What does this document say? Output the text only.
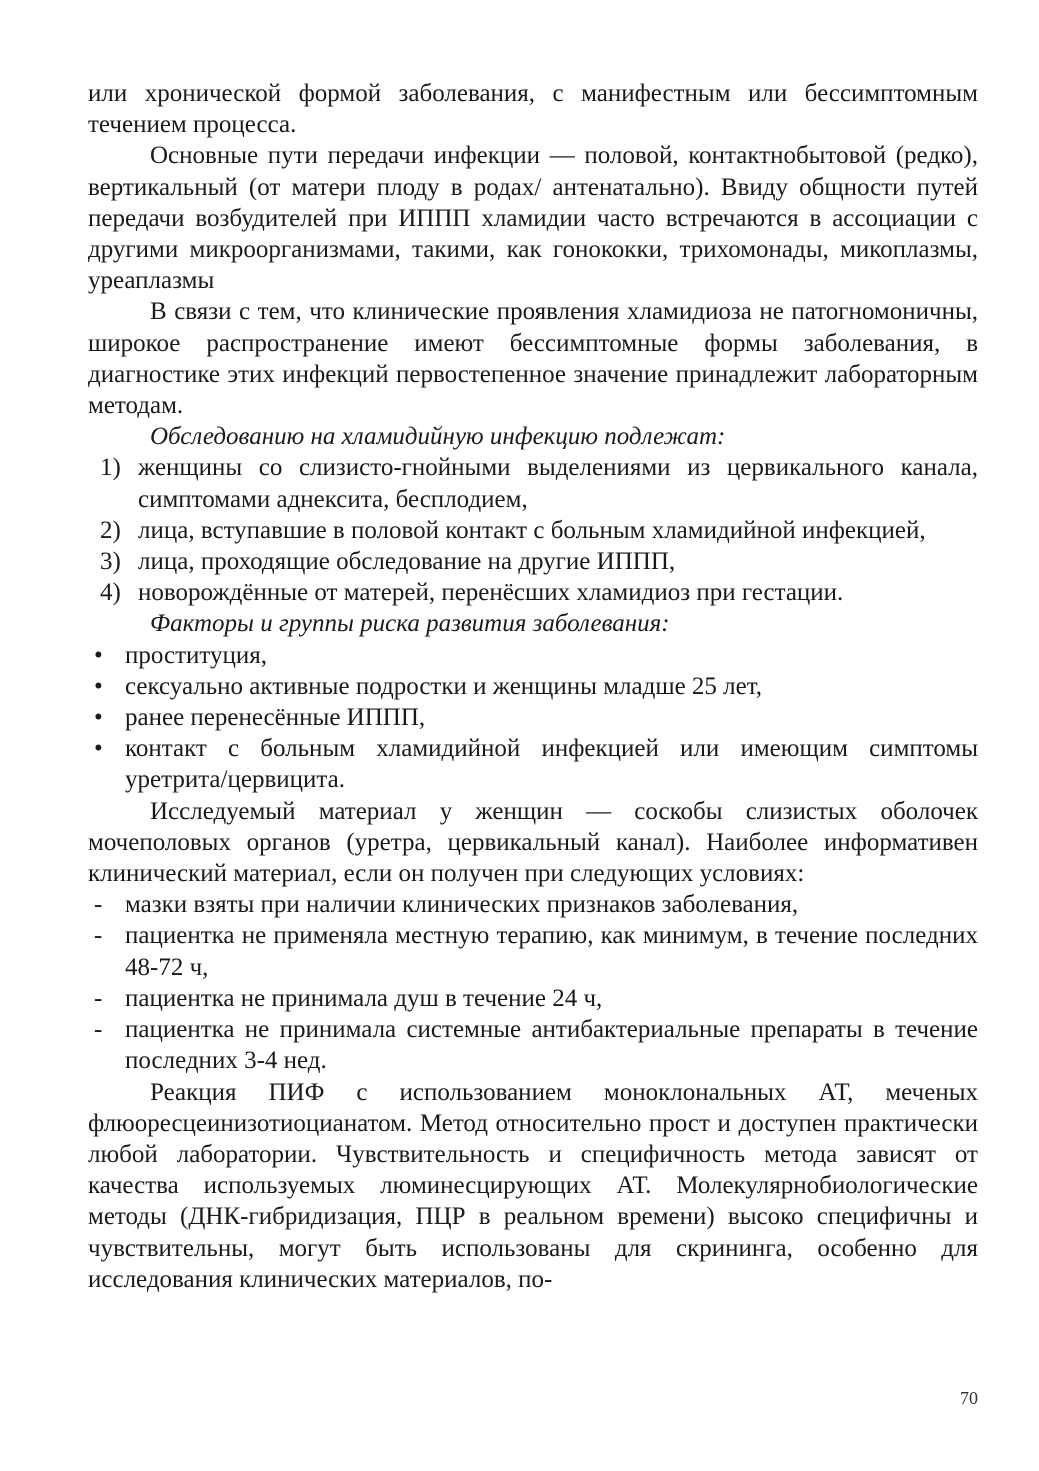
или хронической формой заболевания, с манифестным или бессимптомным течением процесса.

Основные пути передачи инфекции — половой, контактнобытовой (редко), вертикальный (от матери плоду в родах/ антенатально). Ввиду общности путей передачи возбудителей при ИППП хламидии часто встречаются в ассоциации с другими микроорганизмами, такими, как гонококки, трихомонады, микоплазмы, уреаплазмы

В связи с тем, что клинические проявления хламидиоза не патогномоничны, широкое распространение имеют бессимптомные формы заболевания, в диагностике этих инфекций первостепенное значение принадлежит лабораторным методам.

Обследованию на хламидийную инфекцию подлежат:

1) женщины со слизисто-гнойными выделениями из цервикального канала, симптомами аднексита, бесплодием,
2) лица, вступавшие в половой контакт с больным хламидийной инфекцией,
3) лица, проходящие обследование на другие ИППП,
4) новорождённые от матерей, перенёсших хламидиоз при гестации.

Факторы и группы риска развития заболевания:

• проституция,
• сексуально активные подростки и женщины младше 25 лет,
• ранее перенесённые ИППП,
• контакт с больным хламидийной инфекцией или имеющим симптомы уретрита/цервицита.

Исследуемый материал у женщин — соскобы слизистых оболочек мочеполовых органов (уретра, цервикальный канал). Наиболее информативен клинический материал, если он получен при следующих условиях:

- мазки взяты при наличии клинических признаков заболевания,
- пациентка не применяла местную терапию, как минимум, в течение последних 48-72 ч,
- пациентка не принимала душ в течение 24 ч,
- пациентка не принимала системные антибактериальные препараты в течение последних 3-4 нед.

Реакция ПИФ с использованием моноклональных АТ, меченых флюоресцеинизотиоцианатом. Метод относительно прост и доступен практически любой лаборатории. Чувствительность и специфичность метода зависят от качества используемых люминесцирующих АТ. Молекулярнобиологические методы (ДНК-гибридизация, ПЦР в реальном времени) высоко специфичны и чувствительны, могут быть использованы для скрининга, особенно для исследования клинических материалов, по-

70
